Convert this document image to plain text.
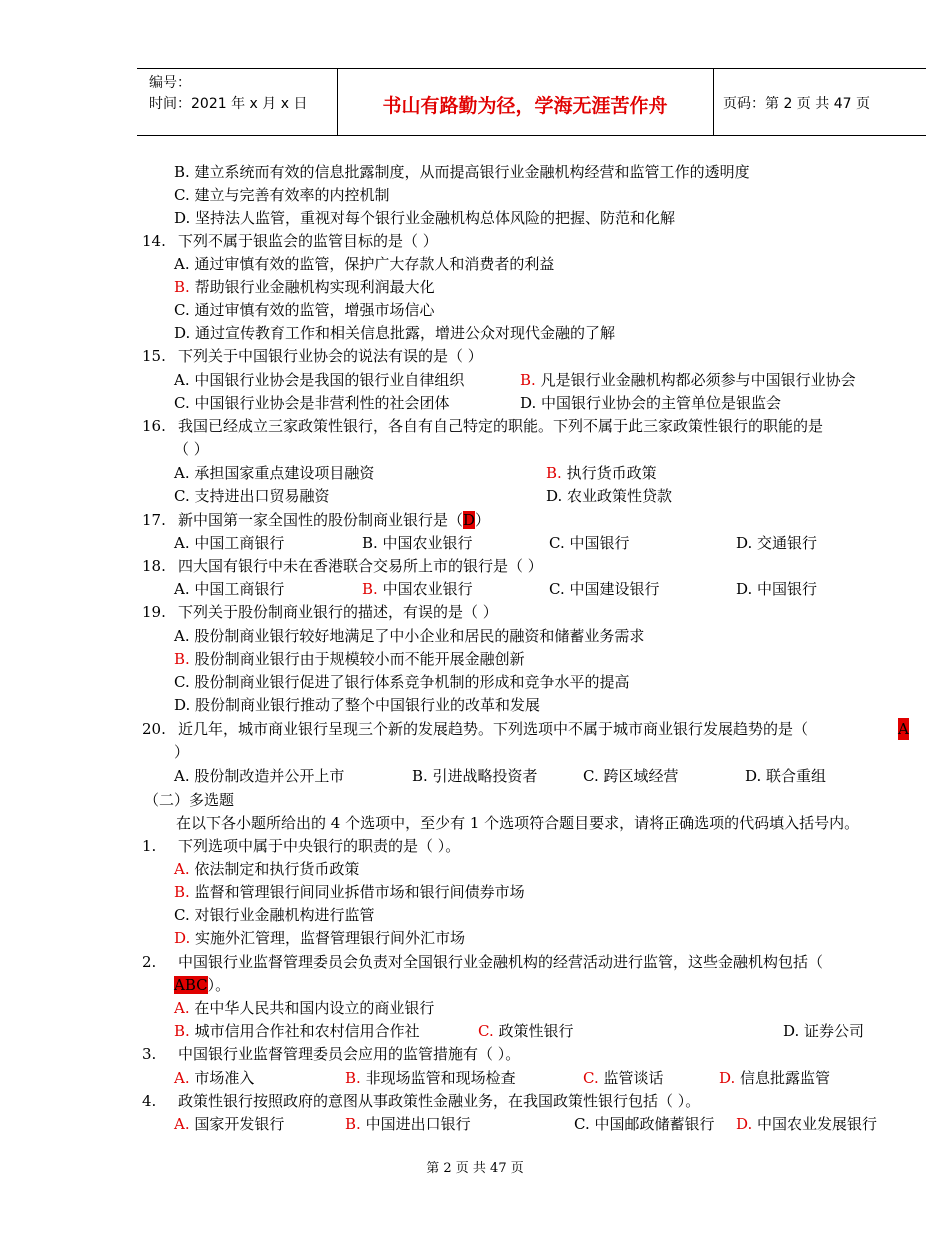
编号：
时间：2021 年 x 月 x 日	书山有路勤为径，学海无涯苦作舟	页码：第 2 页 共 47 页
B. 建立系统而有效的信息批露制度，从而提高银行业金融机构经营和监管工作的透明度
C. 建立与完善有效率的内控机制
D. 坚持法人监管，重视对每个银行业金融机构总体风险的把握、防范和化解
14. 下列不属于银监会的监管目标的是（ ）
A. 通过审慎有效的监管，保护广大存款人和消费者的利益
B. 帮助银行业金融机构实现利润最大化
C. 通过审慎有效的监管，增强市场信心
D. 通过宣传教育工作和相关信息批露，增进公众对现代金融的了解
15. 下列关于中国银行业协会的说法有误的是（ ）
A. 中国银行业协会是我国的银行业自律组织	B. 凡是银行业金融机构都必须参与中国银行业协会
C. 中国银行业协会是非营利性的社会团体	D. 中国银行业协会的主管单位是银监会
16. 我国已经成立三家政策性银行，各自有自己特定的职能。下列不属于此三家政策性银行的职能的是
（ ）
A. 承担国家重点建设项目融资	B. 执行货币政策
C. 支持进出口贸易融资	D. 农业政策性贷款
17. 新中国第一家全国性的股份制商业银行是（D）
A. 中国工商银行	B. 中国农业银行	C. 中国银行	D. 交通银行
18. 四大国有银行中未在香港联合交易所上市的银行是（ ）
A. 中国工商银行	B. 中国农业银行	C. 中国建设银行	D. 中国银行
19. 下列关于股份制商业银行的描述，有误的是（ ）
A. 股份制商业银行较好地满足了中小企业和居民的融资和储蓄业务需求
B. 股份制商业银行由于规模较小而不能开展金融创新
C. 股份制商业银行促进了银行体系竞争机制的形成和竞争水平的提高
D. 股份制商业银行推动了整个中国银行业的改革和发展
20. 近几年，城市商业银行呈现三个新的发展趋势。下列选项中不属于城市商业银行发展趋势的是（	A
）
A. 股份制改造并公开上市	B. 引进战略投资者	C. 跨区域经营	D. 联合重组
（二）多选题
在以下各小题所给出的 4 个选项中，至少有 1 个选项符合题目要求，请将正确选项的代码填入括号内。
1. 下列选项中属于中央银行的职责的是（ ）。
A. 依法制定和执行货币政策
B. 监督和管理银行间同业拆借市场和银行间债券市场
C. 对银行业金融机构进行监管
D. 实施外汇管理，监督管理银行间外汇市场
2. 中国银行业监督管理委员会负责对全国银行业金融机构的经营活动进行监管，这些金融机构包括（
ABC）。
A. 在中华人民共和国内设立的商业银行
B. 城市信用合作社和农村信用合作社	C. 政策性银行	D. 证券公司
3. 中国银行业监督管理委员会应用的监管措施有（ ）。
A. 市场准入	B. 非现场监管和现场检查	C. 监管谈话	D. 信息批露监管
4. 政策性银行按照政府的意图从事政策性金融业务，在我国政策性银行包括（ ）。
A. 国家开发银行	B. 中国进出口银行	C. 中国邮政储蓄银行 D. 中国农业发展银行
第 2 页 共 47 页
